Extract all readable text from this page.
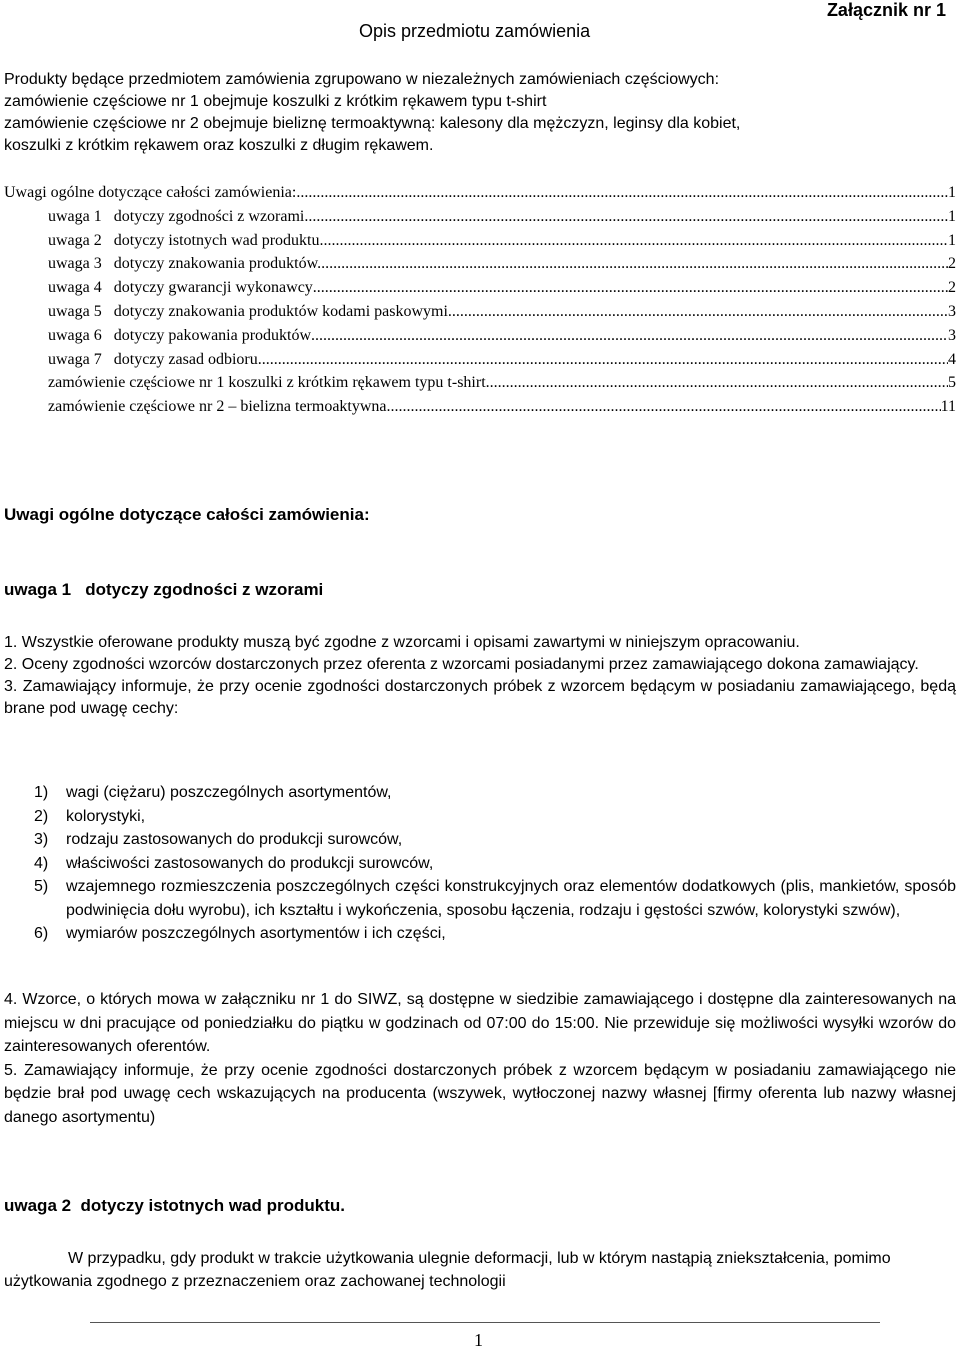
Opis przedmiotu zamówienia
Załącznik nr 1

Produkty będące przedmiotem zamówienia zgrupowano w niezależnych zamówieniach częściowych:

zamówienie częściowe nr 1 obejmuje koszulki z krótkim rękawem typu t-shirt

zamówienie częściowe nr 2 obejmuje bieliznę termoaktywną: kalesony dla mężczyzn, leginsy dla kobiet,

koszulki z krótkim rękawem oraz koszulki z długim rękawem.

Uwagi ogólne dotyczące całości zamówienia: .....	1
uwaga 1   dotyczy zgodności z wzorami .....	1
uwaga 2   dotyczy istotnych wad produktu. .....	1
uwaga 3   dotyczy znakowania produktów. .....	2
uwaga 4   dotyczy gwarancji wykonawcy .....	2
uwaga 5   dotyczy znakowania produktów kodami paskowymi .....	3
uwaga 6   dotyczy pakowania produktów .....	3
uwaga 7   dotyczy zasad odbioru .....	4
zamówienie częściowe nr 1 koszulki z krótkim rękawem typu t-shirt .....	5
zamówienie częściowe nr 2 – bielizna termoaktywna .....	11
Uwagi ogólne dotyczące całości zamówienia:
uwaga 1   dotyczy zgodności z wzorami

1. Wszystkie oferowane produkty muszą być zgodne z wzorcami i opisami zawartymi w niniejszym opracowaniu.

2. Oceny zgodności wzorców dostarczonych przez oferenta z wzorcami posiadanymi przez zamawiającego dokona zamawiający.

3. Zamawiający informuje, że przy ocenie zgodności dostarczonych próbek z wzorcem będącym w posiadaniu zamawiającego, będą brane pod uwagę cechy:

1)	wagi (ciężaru) poszczególnych asortymentów,
2)	kolorystyki,
3)	rodzaju zastosowanych do produkcji surowców,
4)	właściwości zastosowanych do produkcji surowców,
5)	wzajemnego rozmieszczenia poszczególnych części konstrukcyjnych oraz elementów dodatkowych (plis, mankietów, sposób podwinięcia dołu wyrobu), ich kształtu i wykończenia, sposobu łączenia, rodzaju i gęstości szwów, kolorystyki szwów),
6)	wymiarów poszczególnych asortymentów i ich części,

4. Wzorce, o których mowa w załączniku nr 1 do SIWZ, są dostępne w siedzibie zamawiającego i dostępne dla zainteresowanych na miejscu w dni pracujące od poniedziałku do piątku w godzinach od 07:00 do 15:00. Nie przewiduje się możliwości wysyłki wzorów do zainteresowanych oferentów.

5. Zamawiający informuje, że przy ocenie zgodności dostarczonych próbek z wzorcem będącym w posiadaniu zamawiającego nie będzie brał pod uwagę cech wskazujących na producenta (wszywek, wytłoczonej nazwy własnej [firmy oferenta lub nazwy własnej danego asortymentu)

uwaga 2  dotyczy istotnych wad produktu.

W przypadku, gdy produkt w trakcie użytkowania ulegnie deformacji, lub w którym nastąpią zniekształcenia, pomimo użytkowania zgodnego z przeznaczeniem oraz zachowanej technologii

1
